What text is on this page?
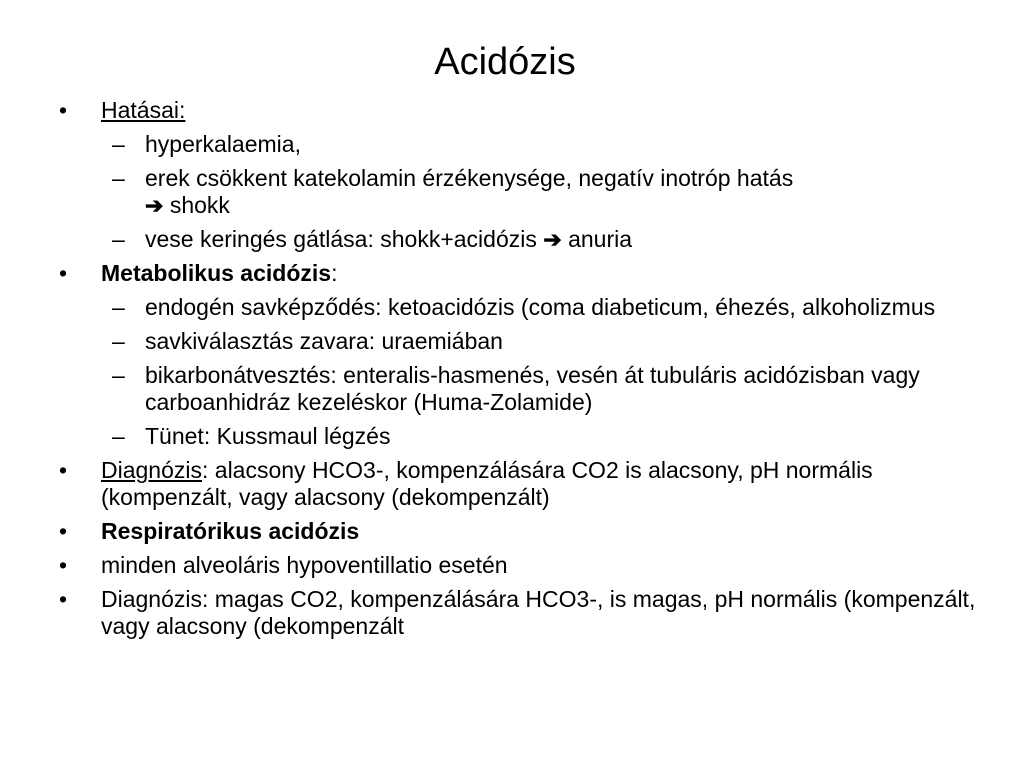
Acidózis
• Hatásai:
– hyperkalaemia,
– erek csökkent katekolamin érzékenysége, negatív inotróp hatás
➔ shokk
– vese keringés gátlása: shokk+acidózis ➔ anuria
• Metabolikus acidózis:
– endogén savképződés: ketoacidózis (coma diabeticum, éhezés, alkoholizmus
– savkiválasztás zavara: uraemiában
– bikarbonátvesztés: enteralis-hasmenés, vesén át tubuláris acidózisban vagy carboanhidráz kezeléskor (Huma-Zolamide)
– Tünet: Kussmaul légzés
• Diagnózis: alacsony HCO3-, kompenzálására CO2 is alacsony, pH normális (kompenzált, vagy alacsony (dekompenzált)
• Respiratórikus acidózis
• minden alveoláris hypoventillatio esetén
• Diagnózis: magas CO2, kompenzálására HCO3-, is magas, pH normális (kompenzált, vagy alacsony (dekompenzált
